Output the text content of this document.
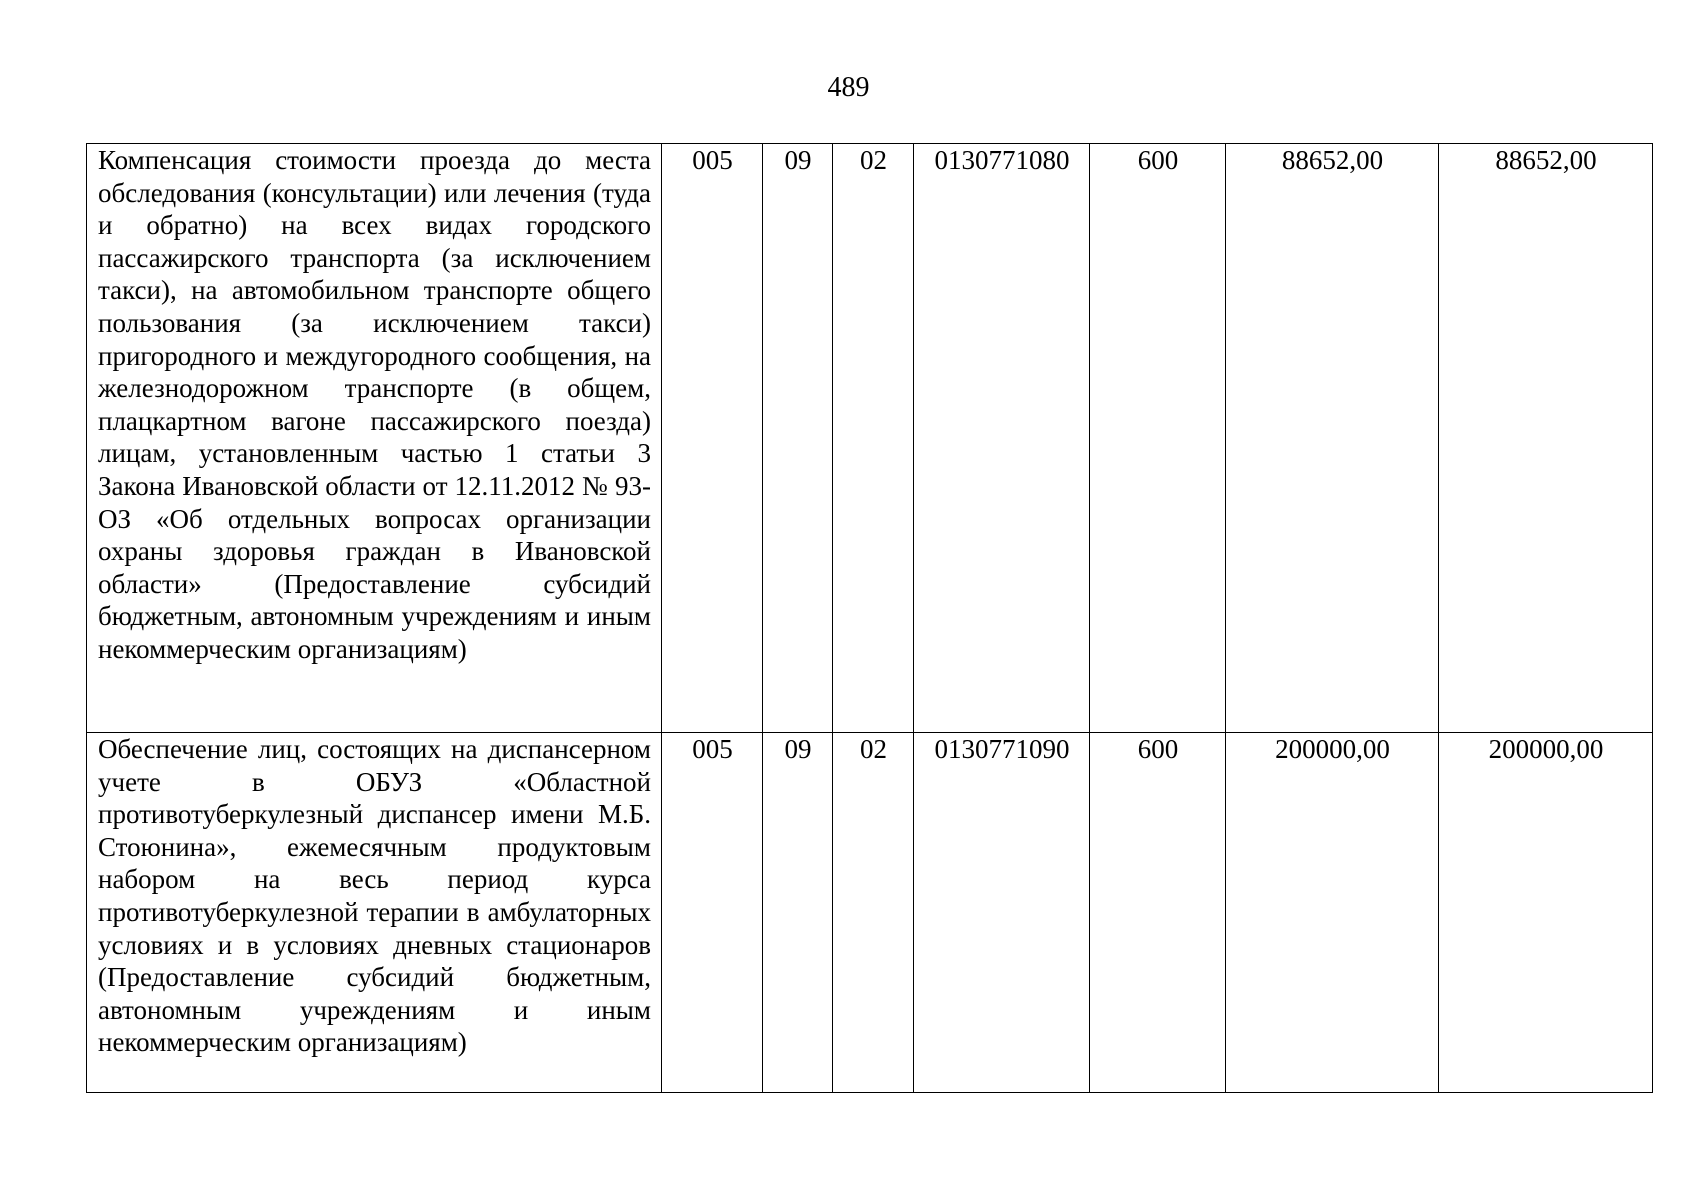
489
Компенсация стоимости проезда до места обследования (консультации) или лечения (туда и обратно) на всех видах городского пассажирского транспорта (за исключением такси), на автомобильном транспорте общего пользования (за исключением такси) пригородного и междугородного сообщения, на железнодорожном транспорте (в общем, плацкартном вагоне пассажирского поезда) лицам, установленным частью 1 статьи 3 Закона Ивановской области от 12.11.2012 № 93-ОЗ «Об отдельных вопросах организации охраны здоровья граждан в Ивановской области» (Предоставление субсидий бюджетным, автономным учреждениям и иным некоммерческим организациям)	005	09	02	0130771080	600	88652,00	88652,00

Обеспечение лиц, состоящих на диспансерном учете в ОБУЗ «Областной противотуберкулезный диспансер имени М.Б. Стоюнина», ежемесячным продуктовым набором на весь период курса противотуберкулезной терапии в амбулаторных условиях и в условиях дневных стационаров (Предоставление субсидий бюджетным, автономным учреждениям и иным некоммерческим организациям)	005	09	02	0130771090	600	200000,00	200000,00
